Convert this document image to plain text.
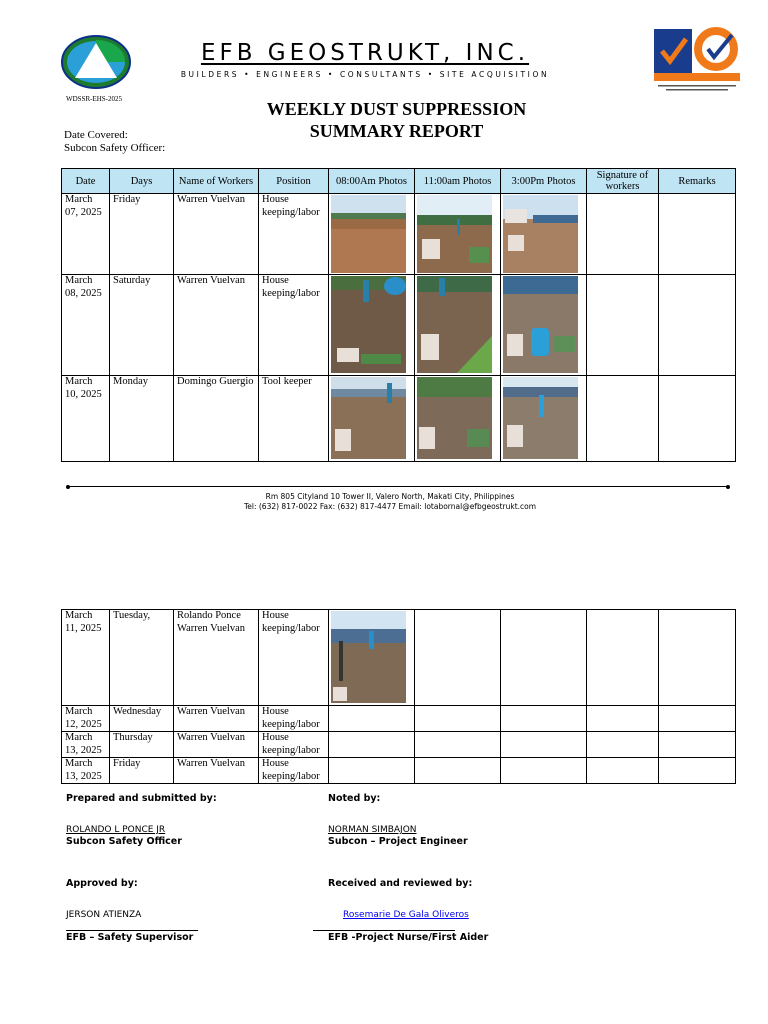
EFB GEOSTRUKT, INC.
BUILDERS • ENGINEERS • CONSULTANTS • SITE ACQUISITION
WDSSR-EHS-2025	WEEKLY DUST SUPPRESSION
SUMMARY REPORT
Date Covered:
Subcon Safety Officer:
Date	Days	Name of Workers	Position	08:00Am Photos	11:00am Photos	3:00Pm Photos	Signature of workers	Remarks
March 07, 2025	Friday	Warren Vuelvan	House keeping/labor	

March 08, 2025	Saturday	Warren Vuelvan	House keeping/labor	

March 10, 2025	Monday	Domingo Guergio	Tool keeper	

Rm 805 Cityland 10 Tower II, Valero North, Makati City, Philippines
Tel: (632) 817-0022 Fax: (632) 817-4477 Email: lotabornal@efbgeostrukt.com
March 11, 2025	Tuesday,	Rolando Ponce Warren Vuelvan	House keeping/labor	

March 12, 2025	Wednesday	Warren Vuelvan	House keeping/labor					
March 13, 2025	Thursday	Warren Vuelvan	House keeping/labor					
March 13, 2025	Friday	Warren Vuelvan	House keeping/labor					
Prepared and submitted by:
ROLANDO L PONCE JR
Subcon Safety Officer
Noted by:
NORMAN SIMBAJON
Subcon – Project Engineer
Approved by:
JERSON ATIENZA
EFB – Safety Supervisor
Received and reviewed by:
Rosemarie De Gala Oliveros
EFB -Project Nurse/First Aider
